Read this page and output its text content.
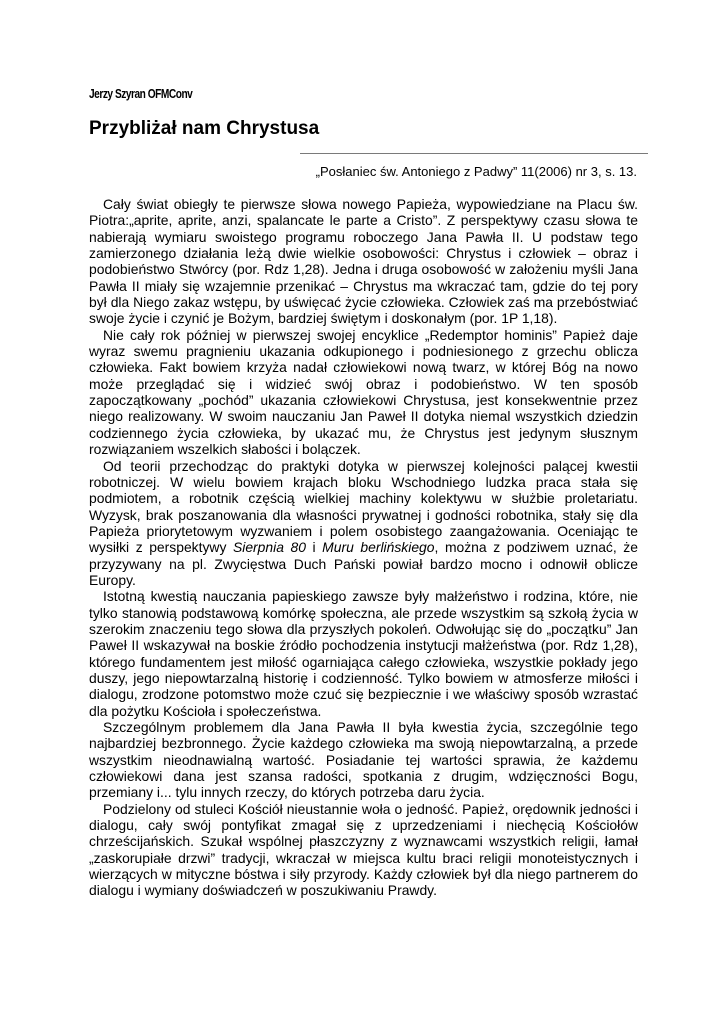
Jerzy Szyran OFMConv
Przybliżał nam Chrystusa
„Posłaniec św. Antoniego z Padwy” 11(2006) nr 3, s. 13.

Cały świat obiegły te pierwsze słowa nowego Papieża, wypowiedziane na Placu św. Piotra:„aprite, aprite, anzi, spalancate le parte a Cristo”. Z perspektywy czasu słowa te nabierają wymiaru swoistego programu roboczego Jana Pawła II. U podstaw tego zamierzonego działania leżą dwie wielkie osobowości: Chrystus i człowiek – obraz i podobieństwo Stwórcy (por. Rdz 1,28). Jedna i druga osobowość w założeniu myśli Jana Pawła II miały się wzajemnie przenikać – Chrystus ma wkraczać tam, gdzie do tej pory był dla Niego zakaz wstępu, by uświęcać życie człowieka. Człowiek zaś ma przebóstwiać swoje życie i czynić je Bożym, bardziej świętym i doskonałym (por. 1P 1,18).

Nie cały rok później w pierwszej swojej encyklice „Redemptor hominis” Papież daje wyraz swemu pragnieniu ukazania odkupionego i podniesionego z grzechu oblicza człowieka. Fakt bowiem krzyża nadał człowiekowi nową twarz, w której Bóg na nowo może przeglądać się i widzieć swój obraz i podobieństwo. W ten sposób zapoczątkowany „pochód” ukazania człowiekowi Chrystusa, jest konsekwentnie przez niego realizowany. W swoim nauczaniu Jan Paweł II dotyka niemal wszystkich dziedzin codziennego życia człowieka, by ukazać mu, że Chrystus jest jedynym słusznym rozwiązaniem wszelkich słabości i bolączek.

Od teorii przechodząc do praktyki dotyka w pierwszej kolejności palącej kwestii robotniczej. W wielu bowiem krajach bloku Wschodniego ludzka praca stała się podmiotem, a robotnik częścią wielkiej machiny kolektywu w służbie proletariatu. Wyzysk, brak poszanowania dla własności prywatnej i godności robotnika, stały się dla Papieża priorytetowym wyzwaniem i polem osobistego zaangażowania. Oceniając te wysiłki z perspektywy Sierpnia 80 i Muru berlińskiego, można z podziwem uznać, że przyzywany na pl. Zwycięstwa Duch Pański powiał bardzo mocno i odnowił oblicze Europy.

Istotną kwestią nauczania papieskiego zawsze były małżeństwo i rodzina, które, nie tylko stanowią podstawową komórkę społeczna, ale przede wszystkim są szkołą życia w szerokim znaczeniu tego słowa dla przyszłych pokoleń. Odwołując się do „początku” Jan Paweł II wskazywał na boskie źródło pochodzenia instytucji małżeństwa (por. Rdz 1,28), którego fundamentem jest miłość ogarniająca całego człowieka, wszystkie pokłady jego duszy, jego niepowtarzalną historię i codzienność. Tylko bowiem w atmosferze miłości i dialogu, zrodzone potomstwo może czuć się bezpiecznie i we właściwy sposób wzrastać dla pożytku Kościoła i społeczeństwa.

Szczególnym problemem dla Jana Pawła II była kwestia życia, szczególnie tego najbardziej bezbronnego. Życie każdego człowieka ma swoją niepowtarzalną, a przede wszystkim nieodnawialną wartość. Posiadanie tej wartości sprawia, że każdemu człowiekowi dana jest szansa radości, spotkania z drugim, wdzięczności Bogu, przemiany i... tylu innych rzeczy, do których potrzeba daru życia.

Podzielony od stuleci Kościół nieustannie woła o jedność. Papież, orędownik jedności i dialogu, cały swój pontyfikat zmagał się z uprzedzeniami i niechęcią Kościołów chrześcijańskich. Szukał wspólnej płaszczyzny z wyznawcami wszystkich religii, łamał „zaskorupiałe drzwi” tradycji, wkraczał w miejsca kultu braci religii monoteistycznych i wierzących w mityczne bóstwa i siły przyrody. Każdy człowiek był dla niego partnerem do dialogu i wymiany doświadczeń w poszukiwaniu Prawdy.
